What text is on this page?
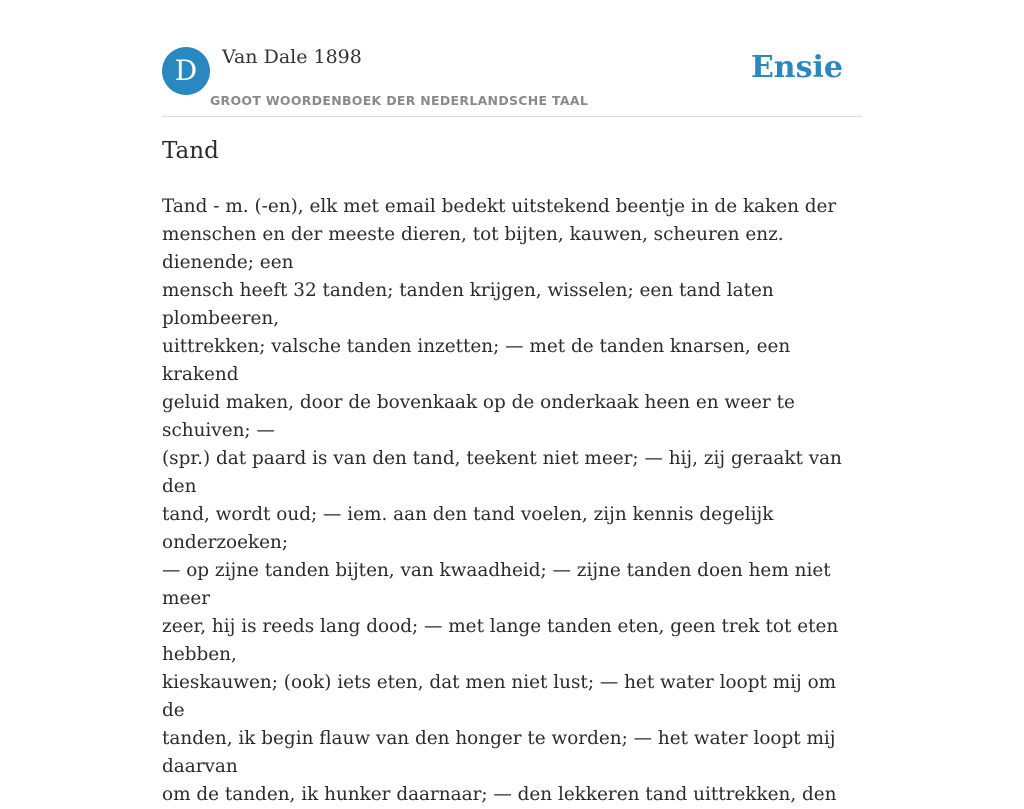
D	Van Dale 1898
GROOT WOORDENBOEK DER NEDERLANDSCHE TAAL
Ensie
Tand

Tand - m. (-en), elk met email bedekt uitstekend beentje in de kaken der
menschen en der meeste dieren, tot bijten, kauwen, scheuren enz. dienende; een
mensch heeft 32 tanden; tanden krijgen, wisselen; een tand laten plombeeren,
uittrekken; valsche tanden inzetten; — met de tanden knarsen, een krakend
geluid maken, door de bovenkaak op de onderkaak heen en weer te schuiven; —
(spr.) dat paard is van den tand, teekent niet meer; — hij, zij geraakt van den
tand, wordt oud; — iem. aan den tand voelen, zijn kennis degelijk onderzoeken;
— op zijne tanden bijten, van kwaadheid; — zijne tanden doen hem niet meer
zeer, hij is reeds lang dood; — met lange tanden eten, geen trek tot eten hebben,
kieskauwen; (ook) iets eten, dat men niet lust; — het water loopt mij om de
tanden, ik begin flauw van den honger te worden; — het water loopt mij daarvan
om de tanden, ik hunker daarnaar; — den lekkeren tand uittrekken, den
